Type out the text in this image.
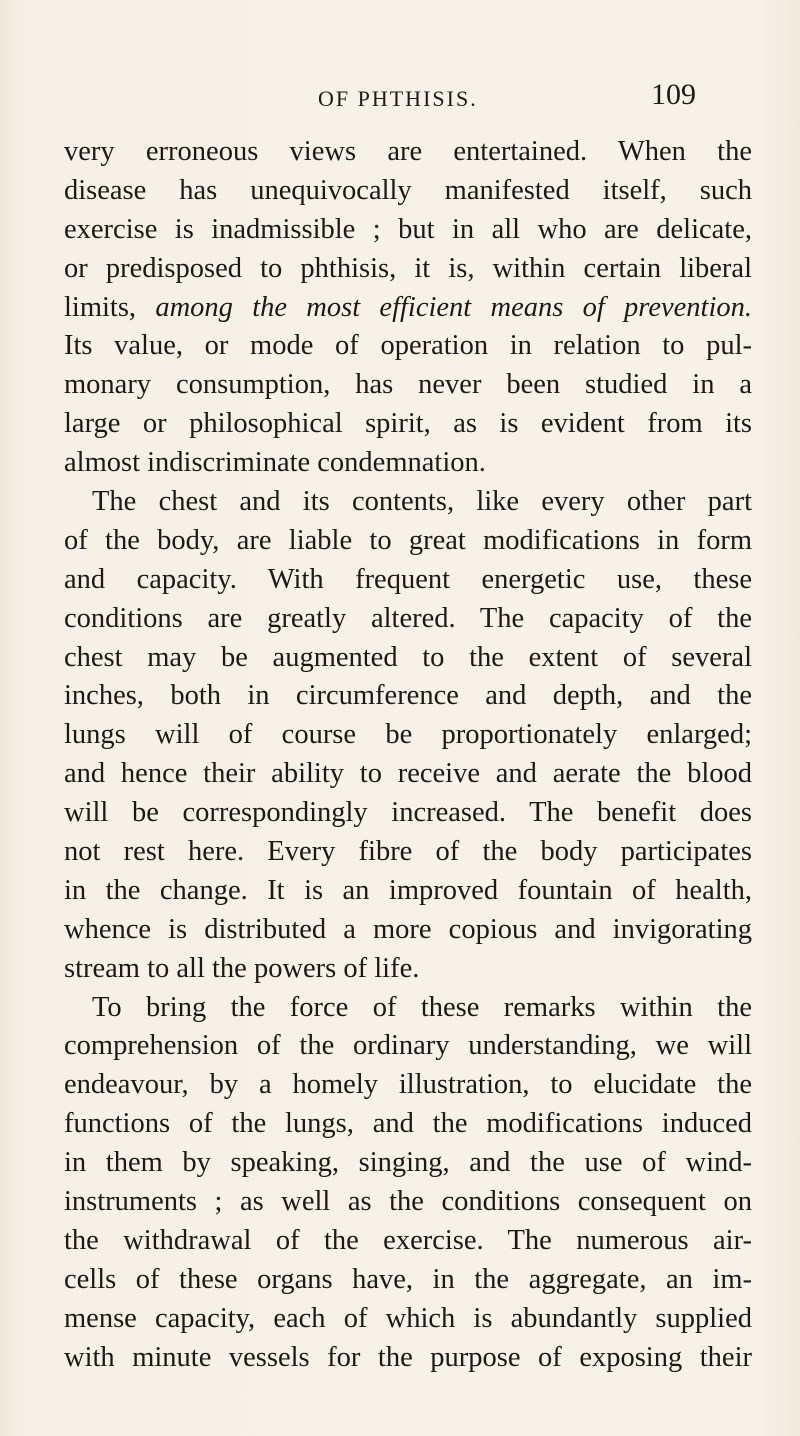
OF PHTHISIS.	109
very erroneous views are entertained. When the
disease has unequivocally manifested itself, such
exercise is inadmissible ; but in all who are delicate,
or predisposed to phthisis, it is, within certain liberal
limits, among the most efficient means of prevention.
Its value, or mode of operation in relation to pul-
monary consumption, has never been studied in a
large or philosophical spirit, as is evident from its
almost indiscriminate condemnation.
The chest and its contents, like every other part
of the body, are liable to great modifications in form
and capacity. With frequent energetic use, these
conditions are greatly altered. The capacity of the
chest may be augmented to the extent of several
inches, both in circumference and depth, and the
lungs will of course be proportionately enlarged;
and hence their ability to receive and aerate the blood
will be correspondingly increased. The benefit does
not rest here. Every fibre of the body participates
in the change. It is an improved fountain of health,
whence is distributed a more copious and invigorating
stream to all the powers of life.
To bring the force of these remarks within the
comprehension of the ordinary understanding, we will
endeavour, by a homely illustration, to elucidate the
functions of the lungs, and the modifications induced
in them by speaking, singing, and the use of wind-
instruments ; as well as the conditions consequent on
the withdrawal of the exercise. The numerous air-
cells of these organs have, in the aggregate, an im-
mense capacity, each of which is abundantly supplied
with minute vessels for the purpose of exposing their
